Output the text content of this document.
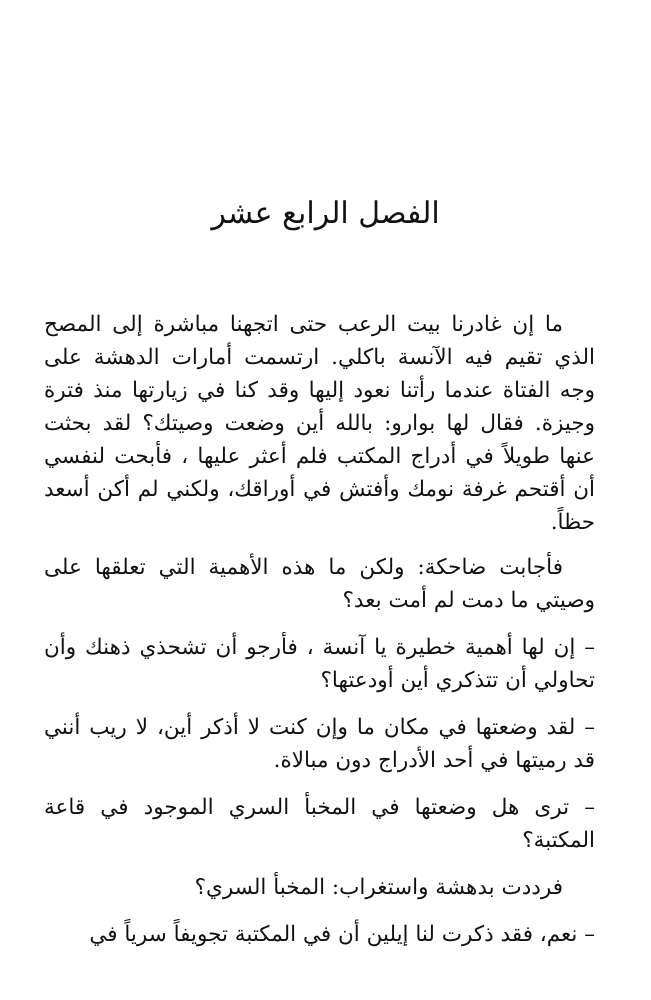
الفصل الرابع عشر

ما إن غادرنا بيت الرعب حتى اتجهنا مباشرة إلى المصح الذي تقيم فيه الآنسة باكلي. ارتسمت أمارات الدهشة على وجه الفتاة عندما رأتنا نعود إليها وقد كنا في زيارتها منذ فترة وجيزة. فقال لها بوارو: بالله أين وضعت وصيتك؟ لقد بحثت عنها طويلاً في أدراج المكتب فلم أعثر عليها ، فأبحت لنفسي أن أقتحم غرفة نومك وأفتش في أوراقك، ولكني لم أكن أسعد حظاً.

فأجابت ضاحكة: ولكن ما هذه الأهمية التي تعلقها على وصيتي ما دمت لم أمت بعد؟

– إن لها أهمية خطيرة يا آنسة ، فأرجو أن تشحذي ذهنك وأن تحاولي أن تتذكري أين أودعتها؟

– لقد وضعتها في مكان ما وإن كنت لا أذكر أين، لا ريب أنني قد رميتها في أحد الأدراج دون مبالاة.

– ترى هل وضعتها في المخبأ السري الموجود في قاعة المكتبة؟

فرددت بدهشة واستغراب: المخبأ السري؟

– نعم، فقد ذكرت لنا إيلين أن في المكتبة تجويفاً سرياً في
